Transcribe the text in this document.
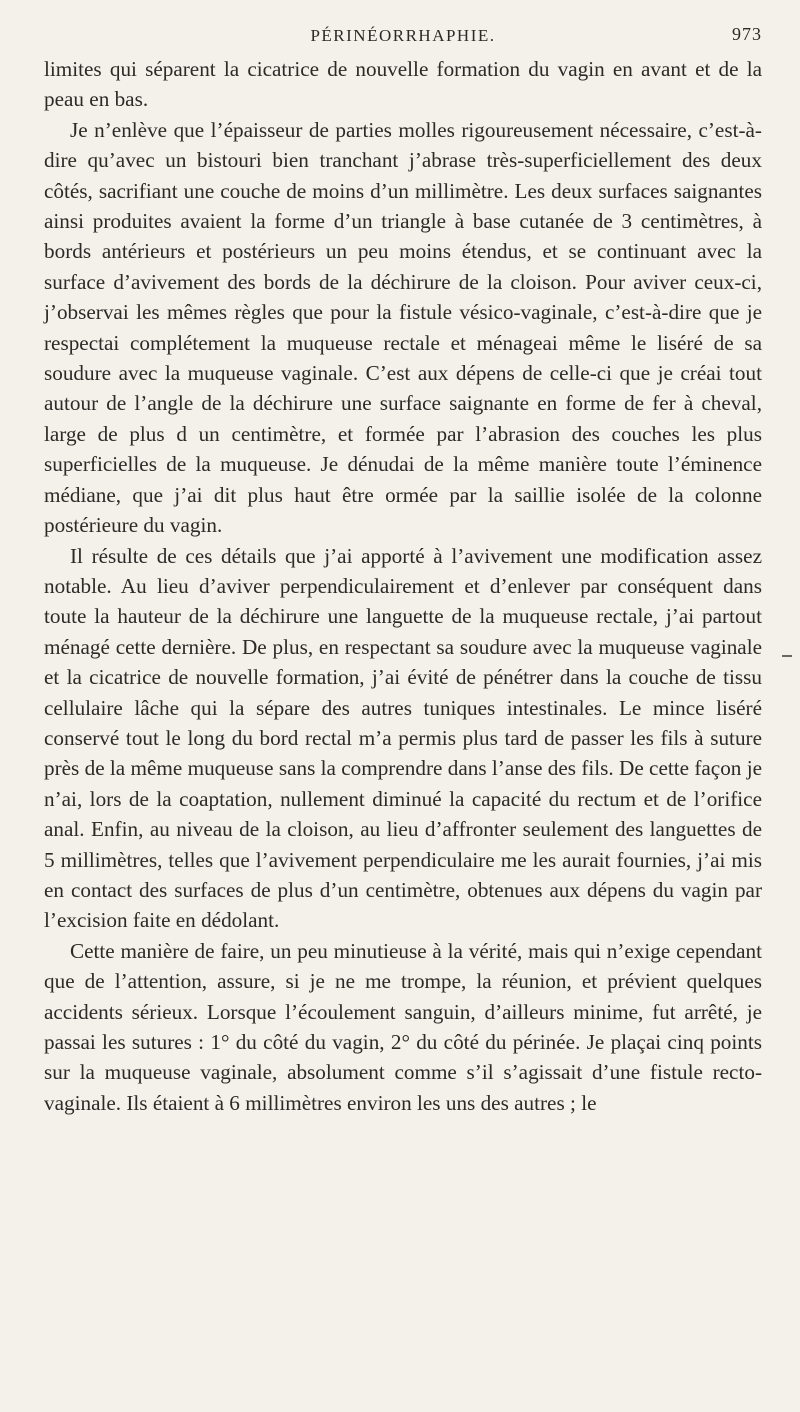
PÉRINÉORRHAPHIE.	973

limites qui séparent la cicatrice de nouvelle formation du vagin en avant et de la peau en bas.

Je n’enlève que l’épaisseur de parties molles rigoureusement nécessaire, c’est-à-dire qu’avec un bistouri bien tranchant j’abrase très-superficiellement des deux côtés, sacrifiant une couche de moins d’un millimètre. Les deux surfaces saignantes ainsi produites avaient la forme d’un triangle à base cutanée de 3 centimètres, à bords antérieurs et postérieurs un peu moins étendus, et se continuant avec la surface d’avivement des bords de la déchirure de la cloison. Pour aviver ceux-ci, j’observai les mêmes règles que pour la fistule vésico-vaginale, c’est-à-dire que je respectai complétement la muqueuse rectale et ménageai même le liséré de sa soudure avec la muqueuse vaginale. C’est aux dépens de celle-ci que je créai tout autour de l’angle de la déchirure une surface saignante en forme de fer à cheval, large de plus d un centimètre, et formée par l’abrasion des couches les plus superficielles de la muqueuse. Je dénudai de la même manière toute l’éminence médiane, que j’ai dit plus haut être ormée par la saillie isolée de la colonne postérieure du vagin.

Il résulte de ces détails que j’ai apporté à l’avivement une modification assez notable. Au lieu d’aviver perpendiculairement et d’enlever par conséquent dans toute la hauteur de la déchirure une languette de la muqueuse rectale, j’ai partout ménagé cette dernière. De plus, en respectant sa soudure avec la muqueuse vaginale et la cicatrice de nouvelle formation, j’ai évité de pénétrer dans la couche de tissu cellulaire lâche qui la sépare des autres tuniques intestinales. Le mince liséré conservé tout le long du bord rectal m’a permis plus tard de passer les fils à suture près de la même muqueuse sans la comprendre dans l’anse des fils. De cette façon je n’ai, lors de la coaptation, nullement diminué la capacité du rectum et de l’orifice anal. Enfin, au niveau de la cloison, au lieu d’affronter seulement des languettes de 5 millimètres, telles que l’avivement perpendiculaire me les aurait fournies, j’ai mis en contact des surfaces de plus d’un centimètre, obtenues aux dépens du vagin par l’excision faite en dédolant.

Cette manière de faire, un peu minutieuse à la vérité, mais qui n’exige cependant que de l’attention, assure, si je ne me trompe, la réunion, et prévient quelques accidents sérieux. Lorsque l’écoulement sanguin, d’ailleurs minime, fut arrêté, je passai les sutures : 1° du côté du vagin, 2° du côté du périnée. Je plaçai cinq points sur la muqueuse vaginale, absolument comme s’il s’agissait d’une fistule recto-vaginale. Ils étaient à 6 millimètres environ les uns des autres ; le
